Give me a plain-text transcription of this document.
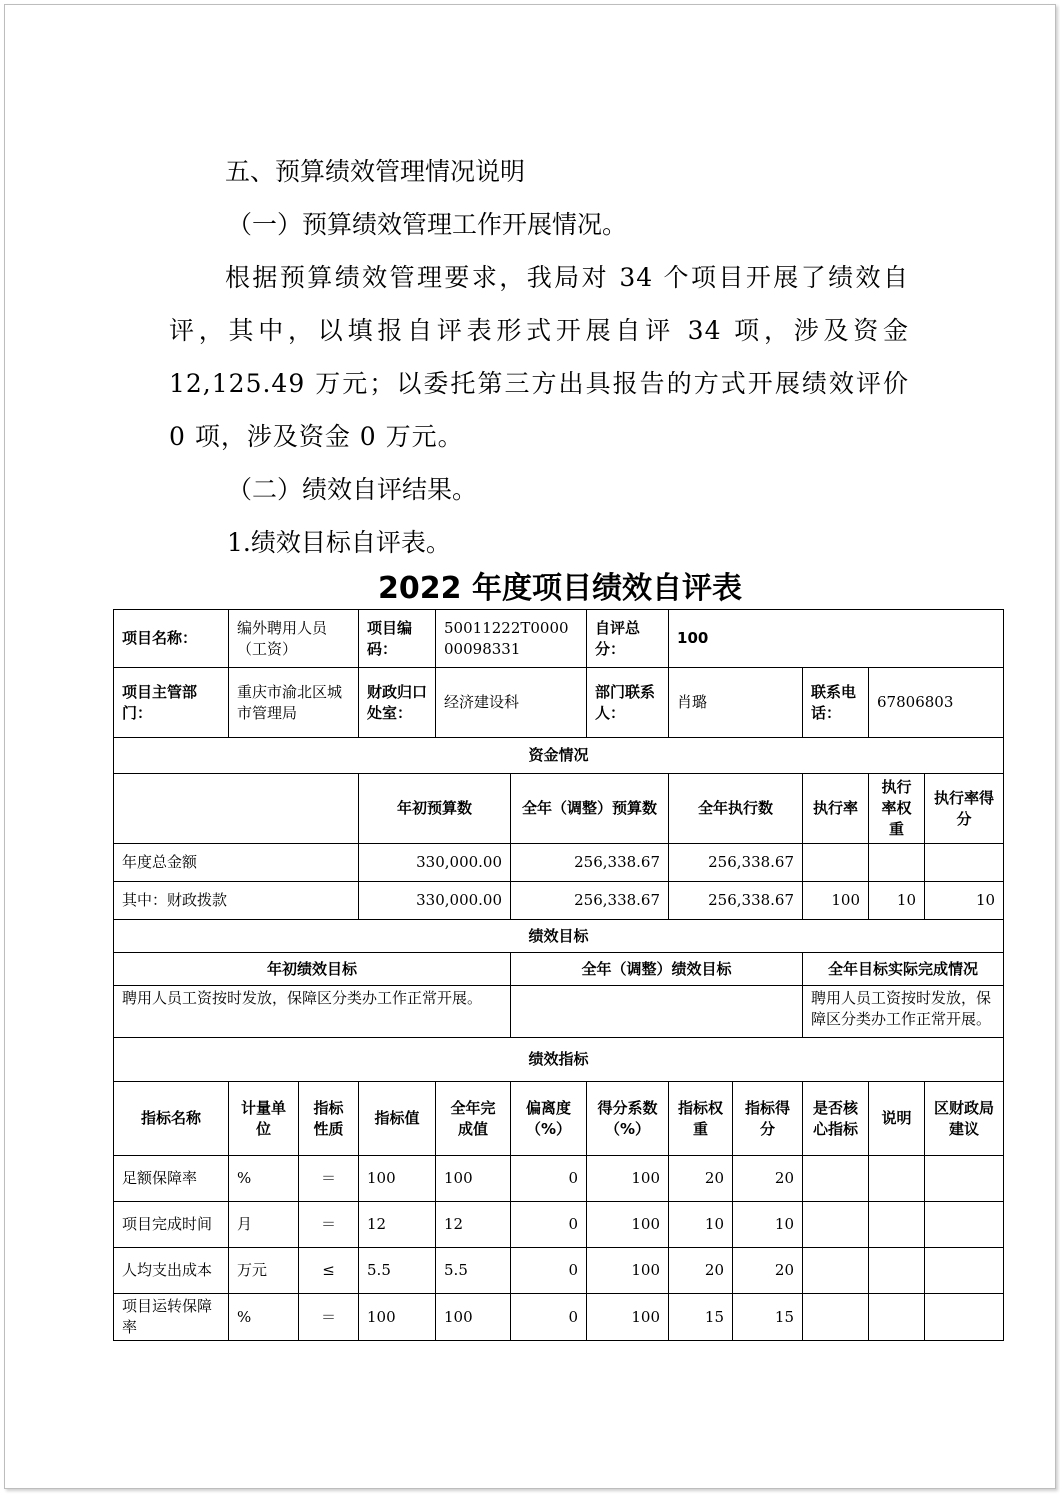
五、预算绩效管理情况说明

（一）预算绩效管理工作开展情况。

根据预算绩效管理要求，我局对 34 个项目开展了绩效自评，其中，以填报自评表形式开展自评 34 项，涉及资金 12,125.49 万元；以委托第三方出具报告的方式开展绩效评价 0 项，涉及资金 0 万元。

（二）绩效自评结果。

1.绩效目标自评表。

2022 年度项目绩效自评表
项目名称：	编外聘用人员（工资）		项目编码：	50011222T000000098331		自评总分：	100				
项目主管部门：	重庆市渝北区城市管理局		财政归口处室：	经济建设科		部门联系人：	肖璐		联系电话：	67806803	
资金情况											
			年初预算数		全年（调整）预算数		全年执行数		执行率	执行率权重	执行率得分
年度总金额			330,000.00		256,338.67		256,338.67				
其中：财政拨款			330,000.00		256,338.67		256,338.67		100	10	10
绩效目标											
年初绩效目标					全年（调整）绩效目标				全年目标实际完成情况		
聘用人员工资按时发放，保障区分类办工作正常开展。									聘用人员工资按时发放，保障区分类办工作正常开展。		
绩效指标											
指标名称	计量单位	指标性质	指标值	全年完成值	偏离度（%）	得分系数（%）	指标权重	指标得分	是否核心指标	说明	区财政局建议
足额保障率	%	＝	100	100	0	100	20	20			
项目完成时间	月	＝	12	12	0	100	10	10			
人均支出成本	万元	≤	5.5	5.5	0	100	20	20			
项目运转保障率	%	＝	100	100	0	100	15	15			
